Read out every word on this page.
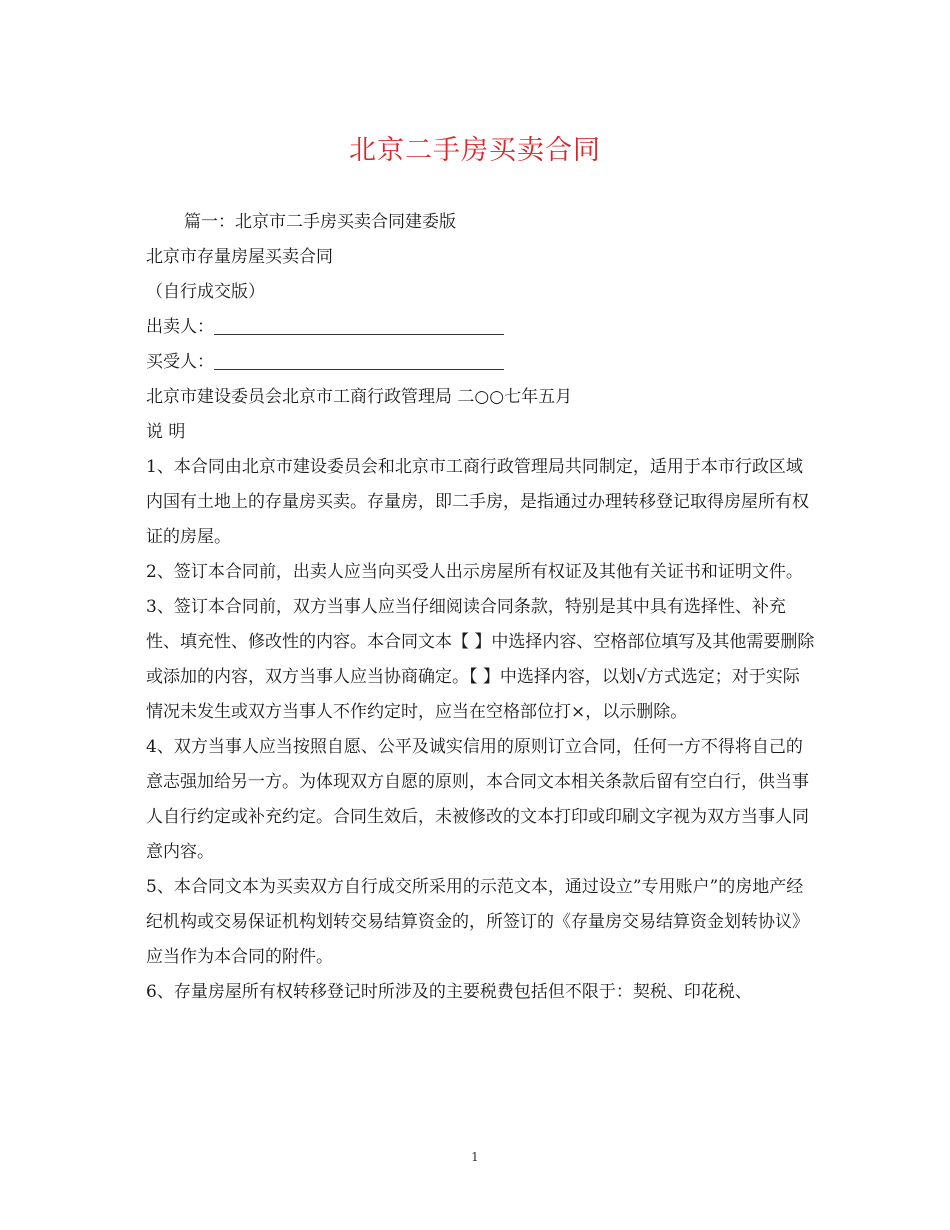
北京二手房买卖合同

篇一：北京市二手房买卖合同建委版

北京市存量房屋买卖合同

（自行成交版）

出卖人：

买受人：

北京市建设委员会北京市工商行政管理局 二○○七年五月

说 明

1、本合同由北京市建设委员会和北京市工商行政管理局共同制定，适用于本市行政区域内国有土地上的存量房买卖。存量房，即二手房，是指通过办理转移登记取得房屋所有权证的房屋。

2、签订本合同前，出卖人应当向买受人出示房屋所有权证及其他有关证书和证明文件。

3、签订本合同前，双方当事人应当仔细阅读合同条款，特别是其中具有选择性、补充性、填充性、修改性的内容。本合同文本【 】中选择内容、空格部位填写及其他需要删除或添加的内容，双方当事人应当协商确定。【 】中选择内容，以划√方式选定；对于实际情况未发生或双方当事人不作约定时，应当在空格部位打×，以示删除。

4、双方当事人应当按照自愿、公平及诚实信用的原则订立合同，任何一方不得将自己的意志强加给另一方。为体现双方自愿的原则，本合同文本相关条款后留有空白行，供当事人自行约定或补充约定。合同生效后，未被修改的文本打印或印刷文字视为双方当事人同意内容。

5、本合同文本为买卖双方自行成交所采用的示范文本，通过设立”专用账户”的房地产经纪机构或交易保证机构划转交易结算资金的，所签订的《存量房交易结算资金划转协议》应当作为本合同的附件。

6、存量房屋所有权转移登记时所涉及的主要税费包括但不限于：契税、印花税、

1
